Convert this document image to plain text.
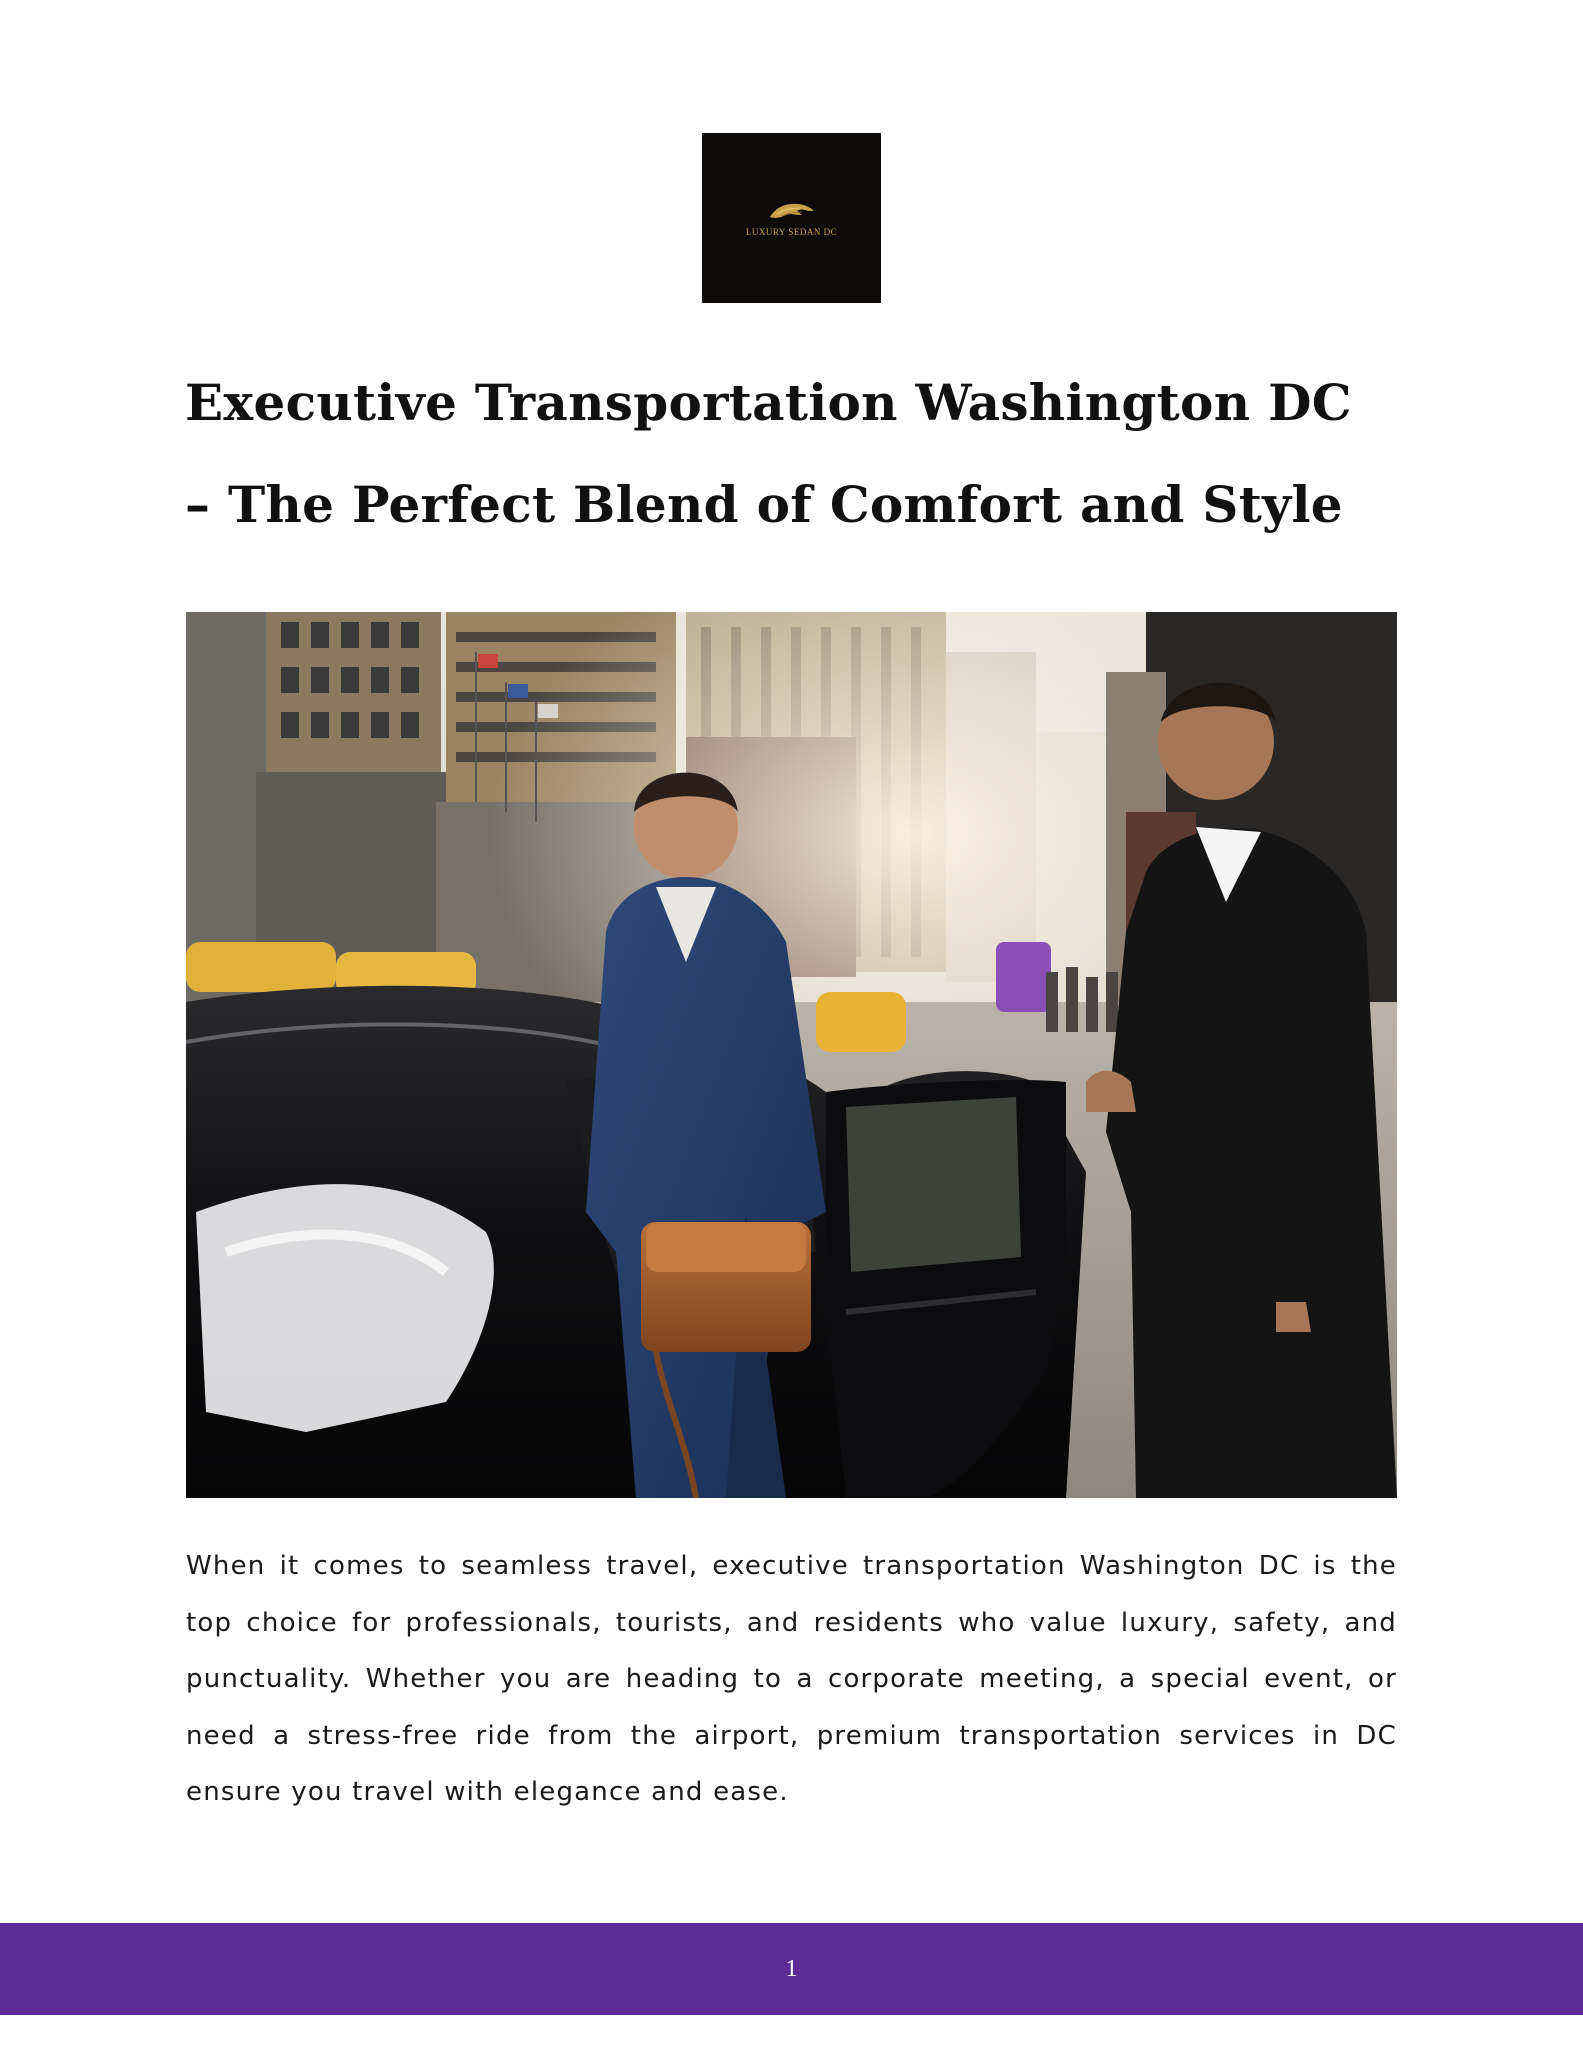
LUXURY SEDAN DC
Executive Transportation Washington DC
– The Perfect Blend of Comfort and Style

When it comes to seamless travel, executive transportation Washington DC is the top choice for professionals, tourists, and residents who value luxury, safety, and punctuality. Whether you are heading to a corporate meeting, a special event, or need a stress-free ride from the airport, premium transportation services in DC ensure you travel with elegance and ease.

1
